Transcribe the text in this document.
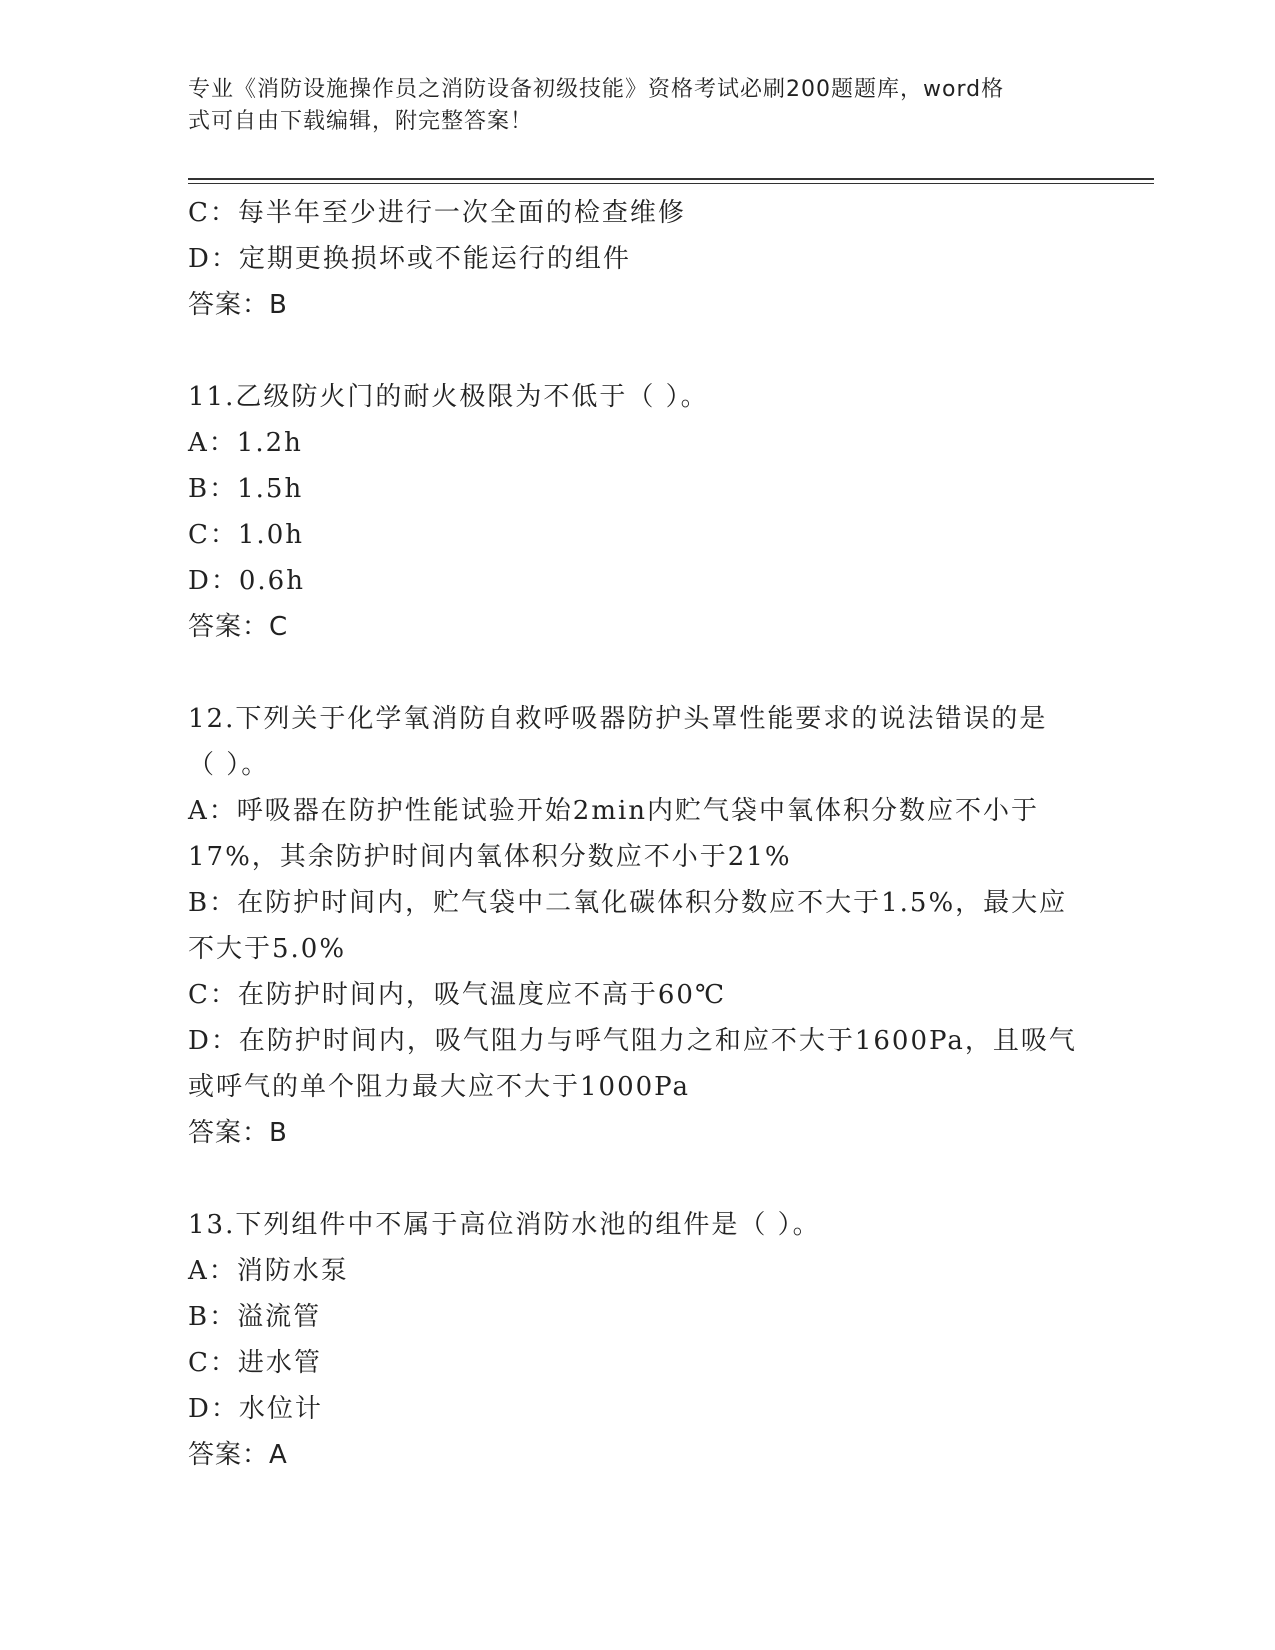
专业《消防设施操作员之消防设备初级技能》资格考试必刷200题题库，word格
式可自由下载编辑，附完整答案！
C：每半年至少进行一次全面的检查维修
D：定期更换损坏或不能运行的组件
答案：B
11.乙级防火门的耐火极限为不低于（ ）。
A：1.2h
B：1.5h
C：1.0h
D：0.6h
答案：C
12.下列关于化学氧消防自救呼吸器防护头罩性能要求的说法错误的是
（ ）。
A：呼吸器在防护性能试验开始2min内贮气袋中氧体积分数应不小于
17%，其余防护时间内氧体积分数应不小于21%
B：在防护时间内，贮气袋中二氧化碳体积分数应不大于1.5%，最大应
不大于5.0%
C：在防护时间内，吸气温度应不高于60℃
D：在防护时间内，吸气阻力与呼气阻力之和应不大于1600Pa，且吸气
或呼气的单个阻力最大应不大于1000Pa
答案：B
13.下列组件中不属于高位消防水池的组件是（ ）。
A：消防水泵
B：溢流管
C：进水管
D：水位计
答案：A
